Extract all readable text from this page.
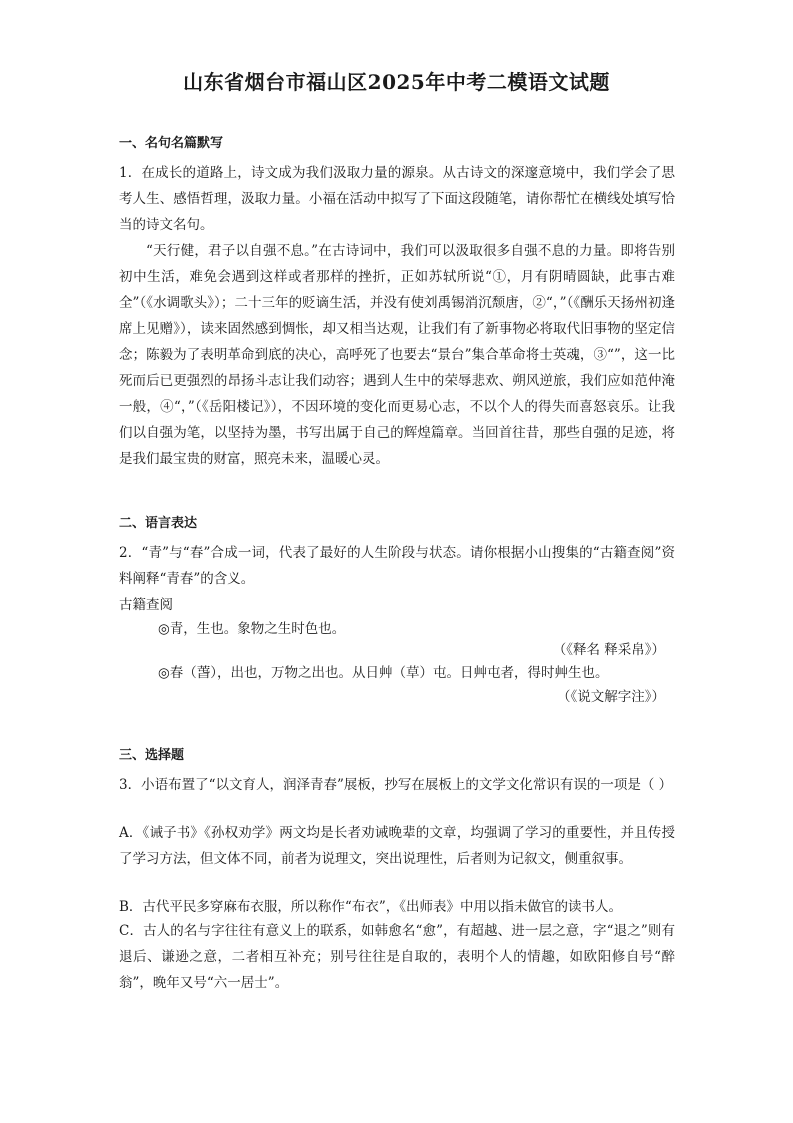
山东省烟台市福山区2025年中考二模语文试题
一、名句名篇默写
1．在成长的道路上，诗文成为我们汲取力量的源泉。从古诗文的深邃意境中，我们学会了思考人生、感悟哲理，汲取力量。小福在活动中拟写了下面这段随笔，请你帮忙在横线处填写恰当的诗文名句。
“天行健，君子以自强不息。”在古诗词中，我们可以汲取很多自强不息的力量。即将告别初中生活，难免会遇到这样或者那样的挫折，正如苏轼所说“①，月有阴晴圆缺，此事古难全”（《水调歌头》）；二十三年的贬谪生活，并没有使刘禹锡消沉颓唐，②“，”（《酬乐天扬州初逢席上见赠》），读来固然感到惆怅，却又相当达观，让我们有了新事物必将取代旧事物的坚定信念；陈毅为了表明革命到底的决心，高呼死了也要去“景台”集合革命将士英魂，③“”，这一比死而后已更强烈的昂扬斗志让我们动容；遇到人生中的荣辱悲欢、朔风逆旅，我们应如范仲淹一般，④“，”（《岳阳楼记》），不因环境的变化而更易心志，不以个人的得失而喜怒哀乐。让我们以自强为笔，以坚持为墨，书写出属于自己的辉煌篇章。当回首往昔，那些自强的足迹，将是我们最宝贵的财富，照亮未来，温暖心灵。
二、语言表达
2．“青”与“春”合成一词，代表了最好的人生阶段与状态。请你根据小山搜集的“古籍查阅”资料阐释“青春”的含义。
古籍查阅
◎青，生也。象物之生时色也。
（《释名 释采帛》）
◎春（萅），出也，万物之出也。从日艸（草）屯。日艸屯者，得时艸生也。
（《说文解字注》）
三、选择题
3．小语布置了“以文育人，润泽青春”展板，抄写在展板上的文学文化常识有误的一项是（ ）
A．《诫子书》《孙权劝学》两文均是长者劝诫晚辈的文章，均强调了学习的重要性，并且传授了学习方法，但文体不同，前者为说理文，突出说理性，后者则为记叙文，侧重叙事。
B．古代平民多穿麻布衣服，所以称作“布衣”，《出师表》中用以指未做官的读书人。
C．古人的名与字往往有意义上的联系，如韩愈名“愈”，有超越、进一层之意，字“退之”则有退后、谦逊之意，二者相互补充；别号往往是自取的，表明个人的情趣，如欧阳修自号“醉翁”，晚年又号“六一居士”。
